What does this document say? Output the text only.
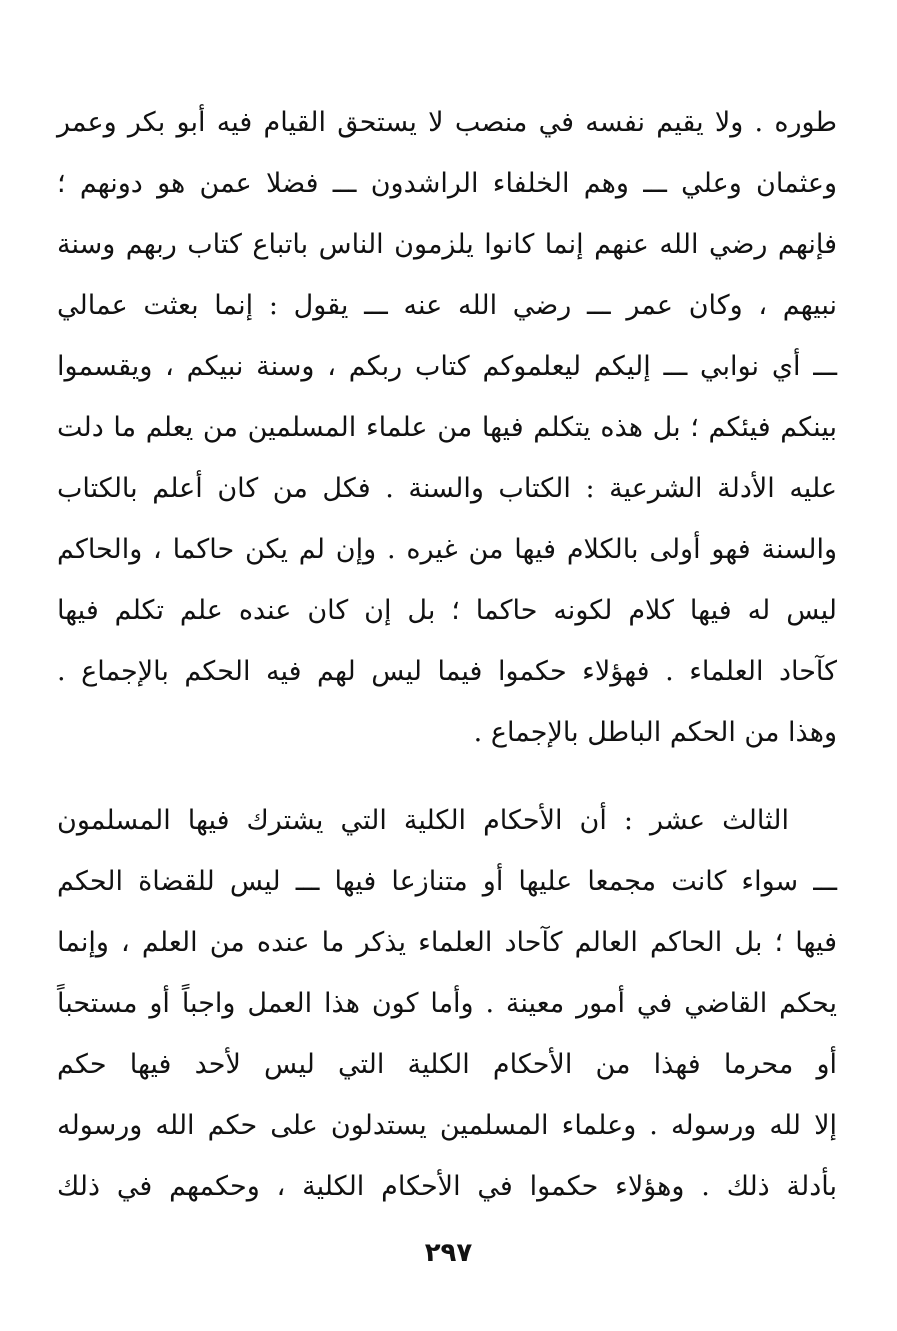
طوره . ولا يقيم نفسه في منصب لا يستحق القيام فيه أبو بكر وعمر
وعثمان وعلي ـــ وهم الخلفاء الراشدون ـــ فضلا عمن هو دونهم ؛
فإنهم رضي الله عنهم إنما كانوا يلزمون الناس باتباع كتاب ربهم وسنة
نبيهم ، وكان عمر ـــ رضي الله عنه ـــ يقول : إنما بعثت عمالي
ـــ أي نوابي ـــ إليكم ليعلموكم كتاب ربكم ، وسنة نبيكم ، ويقسموا
بينكم فيئكم ؛ بل هذه يتكلم فيها من علماء المسلمين من يعلم ما دلت
عليه الأدلة الشرعية : الكتاب والسنة . فكل من كان أعلم بالكتاب
والسنة فهو أولى بالكلام فيها من غيره . وإن لم يكن حاكما ، والحاكم
ليس له فيها كلام لكونه حاكما ؛ بل إن كان عنده علم تكلم فيها
كآحاد العلماء . فهؤلاء حكموا فيما ليس لهم فيه الحكم بالإجماع .
وهذا من الحكم الباطل بالإجماع .
الثالث عشر : أن الأحكام الكلية التي يشترك فيها المسلمون
ـــ سواء كانت مجمعا عليها أو متنازعا فيها ـــ ليس للقضاة الحكم
فيها ؛ بل الحاكم العالم كآحاد العلماء يذكر ما عنده من العلم ، وإنما
يحكم القاضي في أمور معينة . وأما كون هذا العمل واجباً أو مستحباً
أو محرما فهذا من الأحكام الكلية التي ليس لأحد فيها حكم
إلا لله ورسوله . وعلماء المسلمين يستدلون على حكم الله ورسوله
بأدلة ذلك . وهؤلاء حكموا في الأحكام الكلية ، وحكمهم في ذلك
٢٩٧
